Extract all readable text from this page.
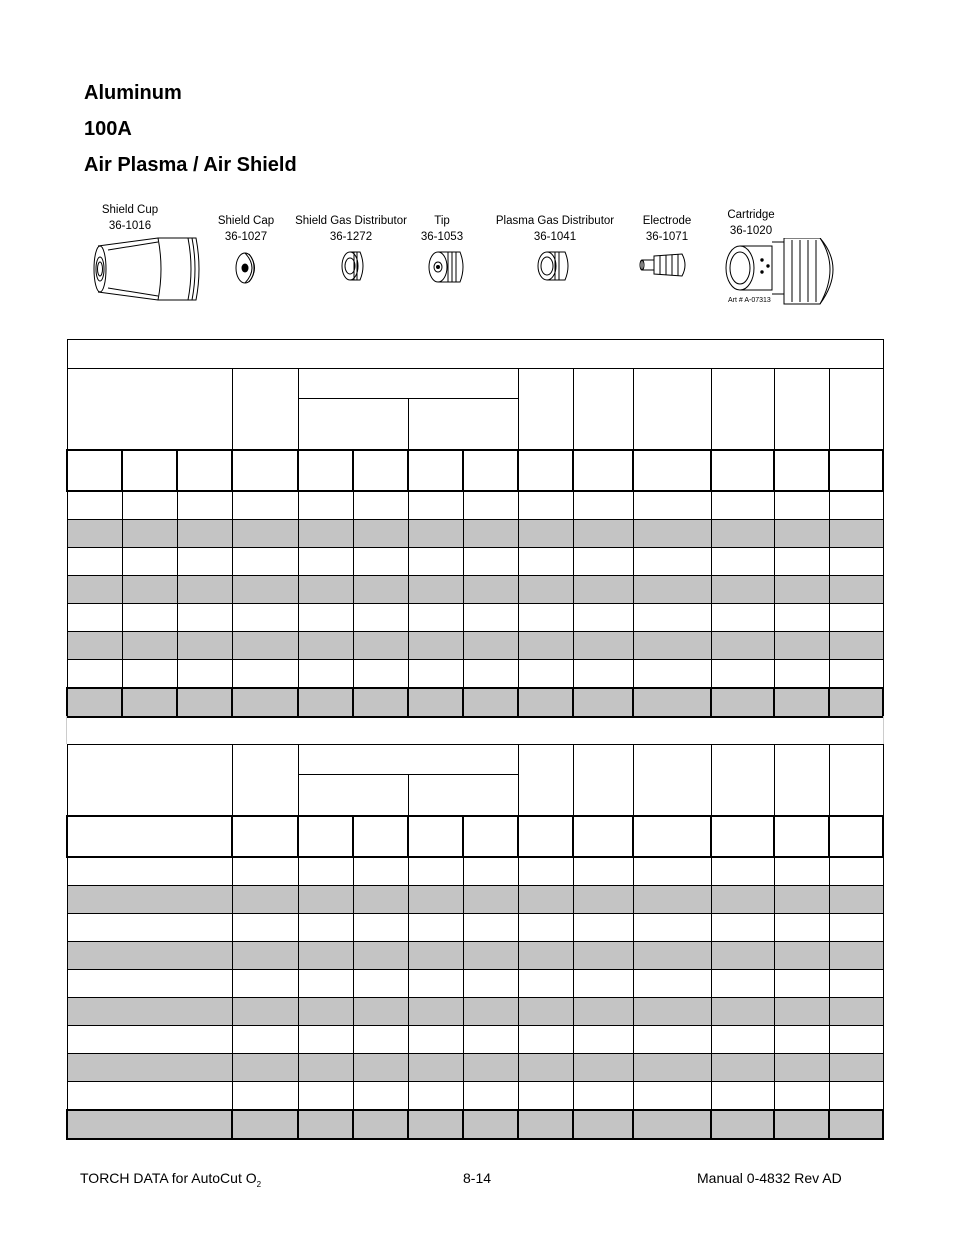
Aluminum
100A
Air Plasma / Air Shield
Shield Cup
36-1016	Shield Cap
36-1027
Shield Gas Distributor
36-1272
Tip
36-1053
Plasma Gas Distributor
36-1041
Electrode
36-1071
Cartridge
36-1020
Art # A-07313

TORCH DATA for AutoCut $O_2$	8-14	Manual 0-4832 Rev AD
